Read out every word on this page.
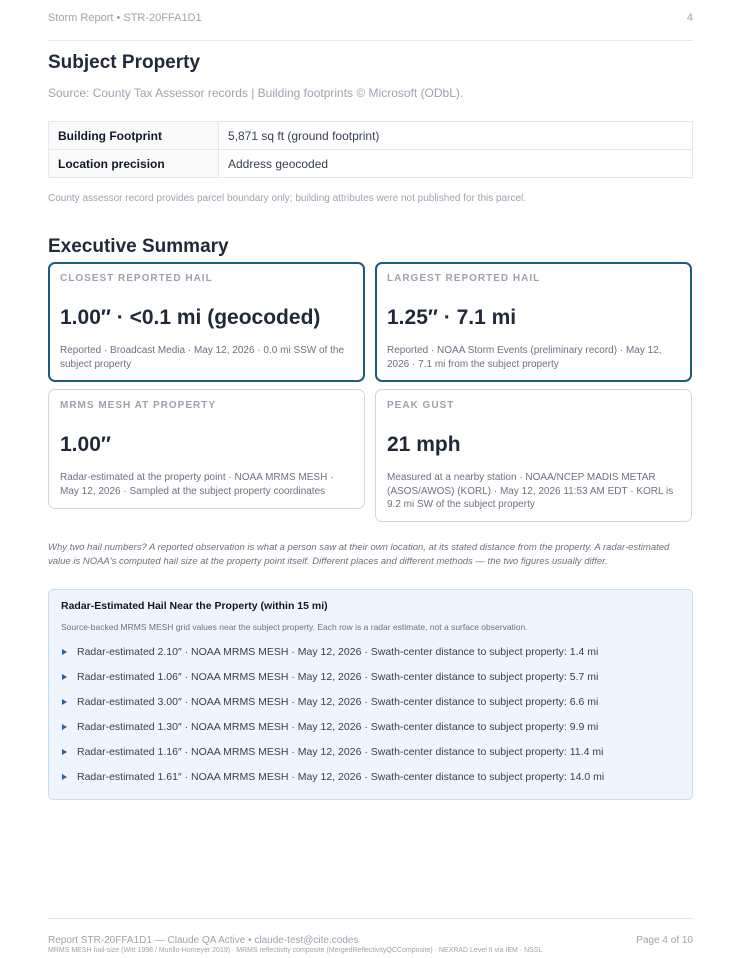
Storm Report • STR-20FFA1D1	4
Subject Property
Source: County Tax Assessor records | Building footprints © Microsoft (ODbL).
Building Footprint	5,871 sq ft (ground footprint)
Location precision	Address geocoded
County assessor record provides parcel boundary only; building attributes were not published for this parcel.
Executive Summary
CLOSEST REPORTED HAIL
1.00″ · <0.1 mi (geocoded)
Reported · Broadcast Media · May 12, 2026 · 0.0 mi SSW of the subject property
LARGEST REPORTED HAIL
1.25″ · 7.1 mi
Reported · NOAA Storm Events (preliminary record) · May 12, 2026 · 7.1 mi from the subject property
MRMS MESH AT PROPERTY
1.00″
Radar-estimated at the property point · NOAA MRMS MESH · May 12, 2026 · Sampled at the subject property coordinates
PEAK GUST
21 mph
Measured at a nearby station · NOAA/NCEP MADIS METAR (ASOS/AWOS) (KORL) · May 12, 2026 11:53 AM EDT · KORL is 9.2 mi SW of the subject property
Why two hail numbers? A reported observation is what a person saw at their own location, at its stated distance from the property. A radar-estimated value is NOAA's computed hail size at the property point itself. Different places and different methods — the two figures usually differ.
Radar-Estimated Hail Near the Property (within 15 mi)
Source-backed MRMS MESH grid values near the subject property. Each row is a radar estimate, not a surface observation.
Radar-estimated 2.10″ · NOAA MRMS MESH · May 12, 2026 · Swath-center distance to subject property: 1.4 mi
Radar-estimated 1.06″ · NOAA MRMS MESH · May 12, 2026 · Swath-center distance to subject property: 5.7 mi
Radar-estimated 3.00″ · NOAA MRMS MESH · May 12, 2026 · Swath-center distance to subject property: 6.6 mi
Radar-estimated 1.30″ · NOAA MRMS MESH · May 12, 2026 · Swath-center distance to subject property: 9.9 mi
Radar-estimated 1.16″ · NOAA MRMS MESH · May 12, 2026 · Swath-center distance to subject property: 11.4 mi
Radar-estimated 1.61″ · NOAA MRMS MESH · May 12, 2026 · Swath-center distance to subject property: 14.0 mi
Report STR-20FFA1D1 — Claude QA Active • claude-test@cite.codes	Page 4 of 10
MRMS MESH hail-size (Witt 1998 / Murillo-Homeyer 2019) · MRMS reflectivity composite (MergedReflectivityQCComposite) · NEXRAD Level II via IEM · NSSL
